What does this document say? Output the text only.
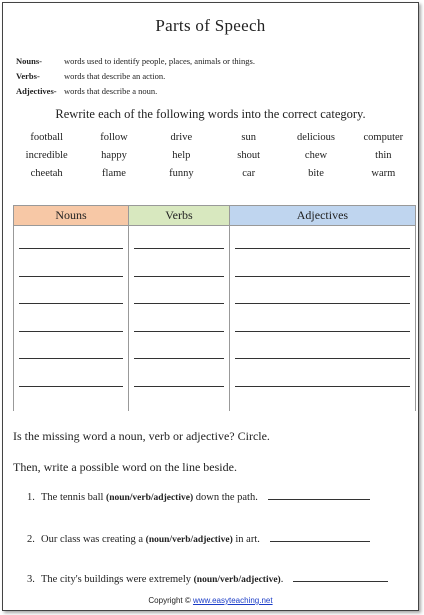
Parts of Speech
Nouns-	words used to identify people, places, animals or things.
Verbs-	words that describe an action.
Adjectives- words that describe a noun.
Rewrite each of the following words into the correct category.
football	follow	drive	sun	delicious	computer
incredible	happy	help	shout	chew	thin
cheetah	flame	funny	car	bite	warm
Nouns	Verbs	Adjectives

Is the missing word a noun, verb or adjective? Circle.
Then, write a possible word on the line beside.
1. The tennis ball
(noun/verb/adjective)
down the path.
2. Our class was creating a
(noun/verb/adjective)
in art.
3. The city's buildings were extremely
(noun/verb/adjective) .
Copyright © www.easyteaching.net
